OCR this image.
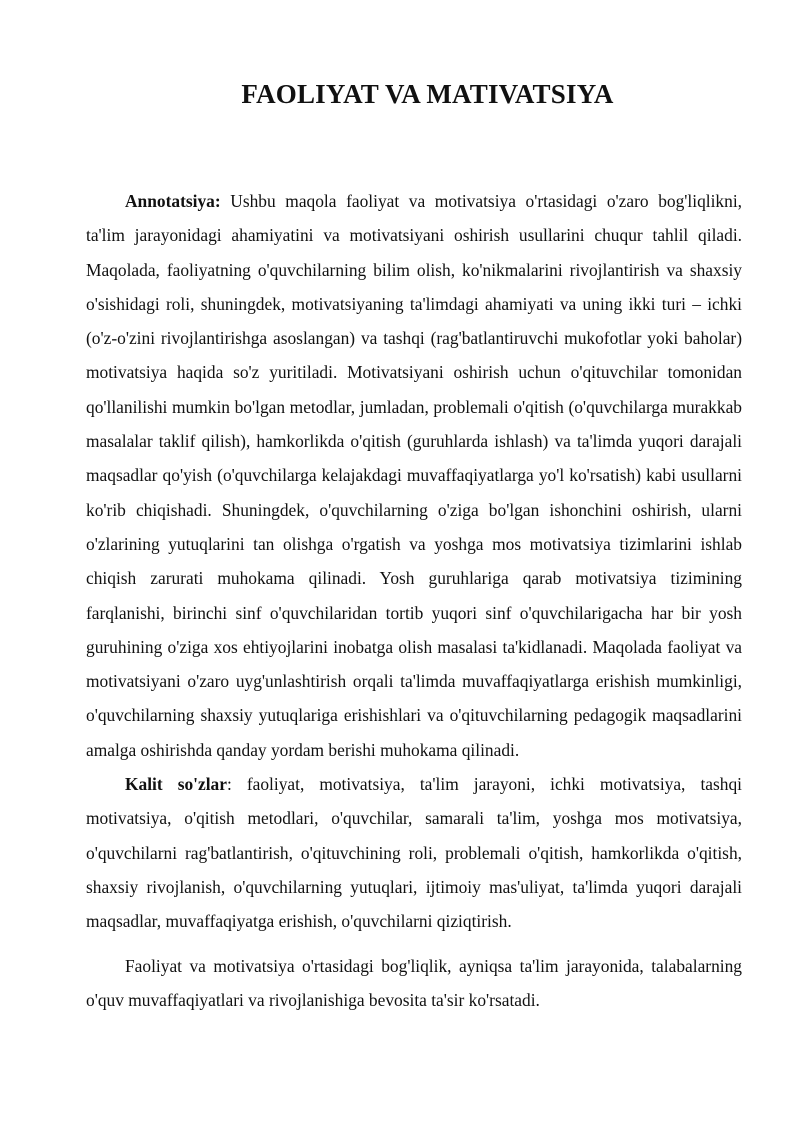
FAOLIYAT VA MATIVATSIYA

Annotatsiya: Ushbu maqola faoliyat va motivatsiya o'rtasidagi o'zaro bog'liqlikni, ta'lim jarayonidagi ahamiyatini va motivatsiyani oshirish usullarini chuqur tahlil qiladi. Maqolada, faoliyatning o'quvchilarning bilim olish, ko'nikmalarini rivojlantirish va shaxsiy o'sishidagi roli, shuningdek, motivatsiyaning ta'limdagi ahamiyati va uning ikki turi – ichki (o'z-o'zini rivojlantirishga asoslangan) va tashqi (rag'batlantiruvchi mukofotlar yoki baholar) motivatsiya haqida so'z yuritiladi. Motivatsiyani oshirish uchun o'qituvchilar tomonidan qo'llanilishi mumkin bo'lgan metodlar, jumladan, problemali o'qitish (o'quvchilarga murakkab masalalar taklif qilish), hamkorlikda o'qitish (guruhlarda ishlash) va ta'limda yuqori darajali maqsadlar qo'yish (o'quvchilarga kelajakdagi muvaffaqiyatlarga yo'l ko'rsatish) kabi usullarni ko'rib chiqishadi. Shuningdek, o'quvchilarning o'ziga bo'lgan ishonchini oshirish, ularni o'zlarining yutuqlarini tan olishga o'rgatish va yoshga mos motivatsiya tizimlarini ishlab chiqish zarurati muhokama qilinadi. Yosh guruhlariga qarab motivatsiya tizimining farqlanishi, birinchi sinf o'quvchilaridan tortib yuqori sinf o'quvchilarigacha har bir yosh guruhining o'ziga xos ehtiyojlarini inobatga olish masalasi ta'kidlanadi. Maqolada faoliyat va motivatsiyani o'zaro uyg'unlashtirish orqali ta'limda muvaffaqiyatlarga erishish mumkinligi, o'quvchilarning shaxsiy yutuqlariga erishishlari va o'qituvchilarning pedagogik maqsadlarini amalga oshirishda qanday yordam berishi muhokama qilinadi.

Kalit so'zlar: faoliyat, motivatsiya, ta'lim jarayoni, ichki motivatsiya, tashqi motivatsiya, o'qitish metodlari, o'quvchilar, samarali ta'lim, yoshga mos motivatsiya, o'quvchilarni rag'batlantirish, o'qituvchining roli, problemali o'qitish, hamkorlikda o'qitish, shaxsiy rivojlanish, o'quvchilarning yutuqlari, ijtimoiy mas'uliyat, ta'limda yuqori darajali maqsadlar, muvaffaqiyatga erishish, o'quvchilarni qiziqtirish.

Faoliyat va motivatsiya o'rtasidagi bog'liqlik, ayniqsa ta'lim jarayonida, talabalarning o'quv muvaffaqiyatlari va rivojlanishiga bevosita ta'sir ko'rsatadi.
